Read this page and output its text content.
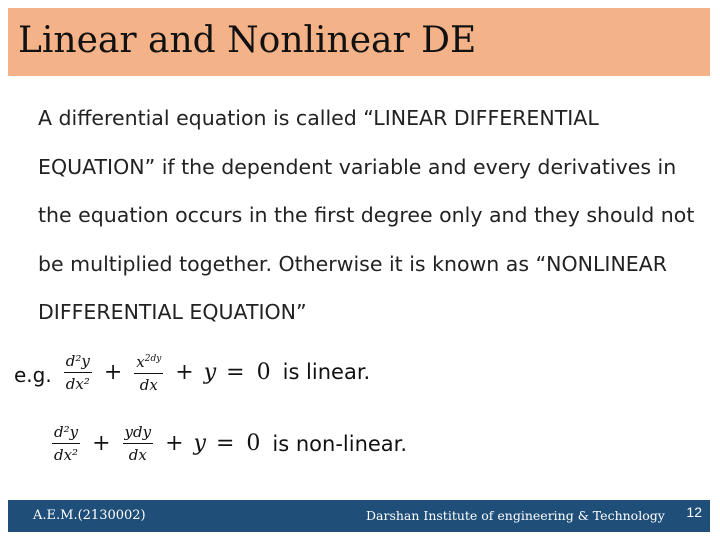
Linear and Nonlinear DE
A differential equation is called “LINEAR DIFFERENTIAL EQUATION” if the dependent variable and every derivatives in the equation occurs in the first degree only and they should not be multiplied together. Otherwise it is known as “NONLINEAR DIFFERENTIAL EQUATION”
e.g. $\frac{\text{d²y}}{\text{dx²}} + \frac{x^{2dy}}{dx} + y = 0$ is linear.
$\frac{\text{d²y}}{\text{dx²}} + \frac{\text{ydy}}{dx} + y = 0$ is non-linear.
A.E.M.(2130002)	Darshan Institute of engineering & Technology 12
